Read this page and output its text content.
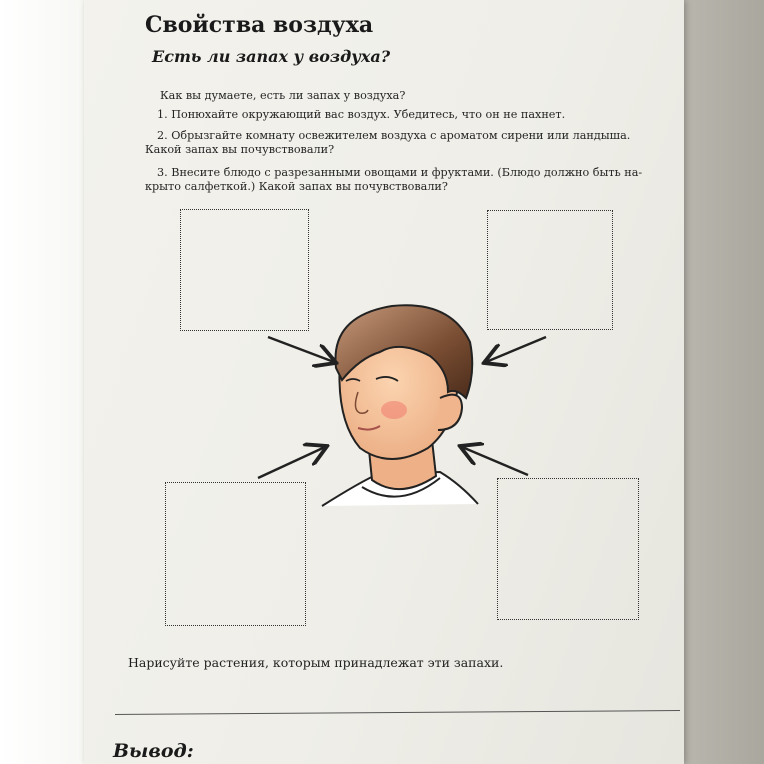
Свойства воздуха
Есть ли запах у воздуха?
Как вы думаете, есть ли запах у воздуха?
1. Понюхайте окружающий вас воздух. Убедитесь, что он не пахнет.
2. Обрызгайте комнату освежителем воздуха с ароматом сирени или ландыша. Какой запах вы почувствовали?
3. Внесите блюдо с разрезанными овощами и фруктами. (Блюдо должно быть на-крыто салфеткой.) Какой запах вы почувствовали?
Нарисуйте растения, которым принадлежат эти запахи.
Вывод:
